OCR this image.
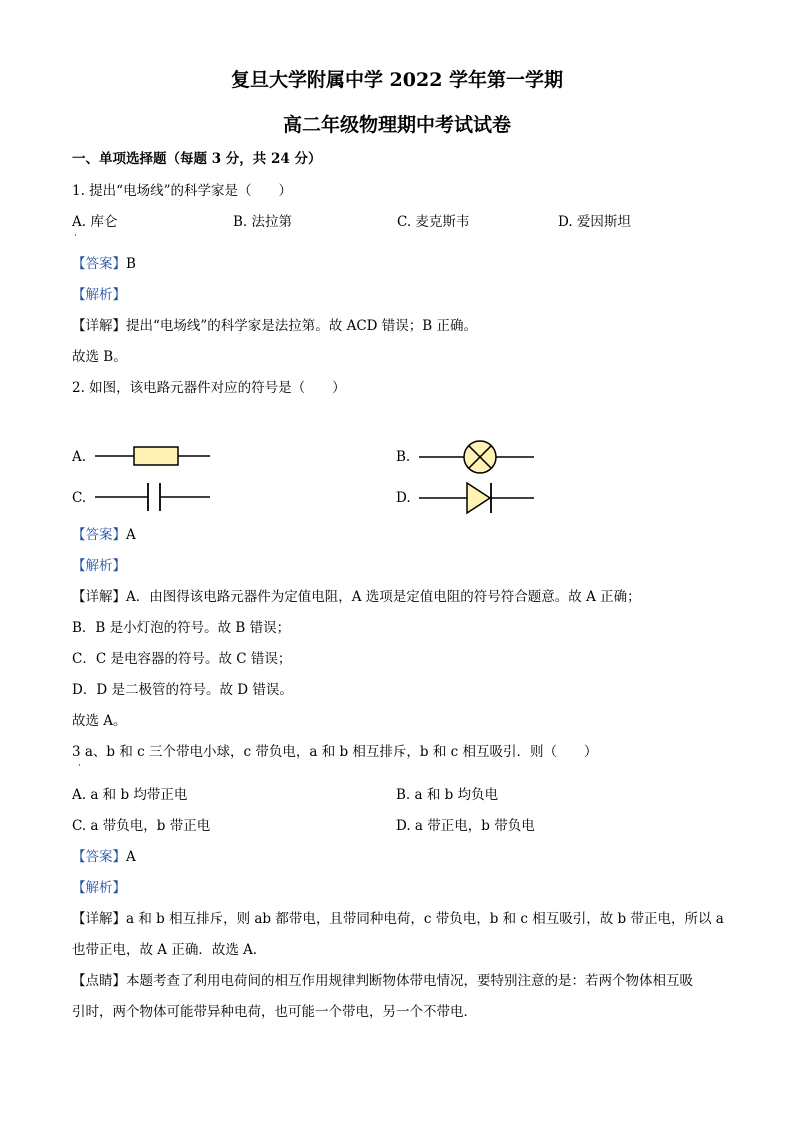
复旦大学附属中学 2022 学年第一学期
高二年级物理期中考试试卷
一、单项选择题（每题 3 分，共 24 分）
1. 提出“电场线”的科学家是（　　）
A. 库仑
·
B. 法拉第	C. 麦克斯韦	D. 爱因斯坦
【答案】B
【解析】
【详解】提出“电场线”的科学家是法拉第。故 ACD 错误；B 正确。
故选 B。
2. 如图，该电路元器件对应的符号是（　　）
A.	B.
C.	D.
【答案】A
【解析】
【详解】A．由图得该电路元器件为定值电阻，A 选项是定值电阻的符号符合题意。故 A 正确；
B．B 是小灯泡的符号。故 B 错误；
C．C 是电容器的符号。故 C 错误；
D．D 是二极管的符号。故 D 错误。
故选 A。
3 a、b 和 c 三个带电小球，c 带负电，a 和 b 相互排斥，b 和 c 相互吸引．则（　　）
·
A. a 和 b 均带正电	B. a 和 b 均负电
C. a 带负电，b 带正电	D. a 带正电，b 带负电
【答案】A
【解析】
【详解】a 和 b 相互排斥，则 ab 都带电，且带同种电荷，c 带负电，b 和 c 相互吸引，故 b 带正电，所以 a
也带正电，故 A 正确．故选 A．
【点睛】本题考查了利用电荷间的相互作用规律判断物体带电情况，要特别注意的是：若两个物体相互吸
引时，两个物体可能带异种电荷，也可能一个带电，另一个不带电．
